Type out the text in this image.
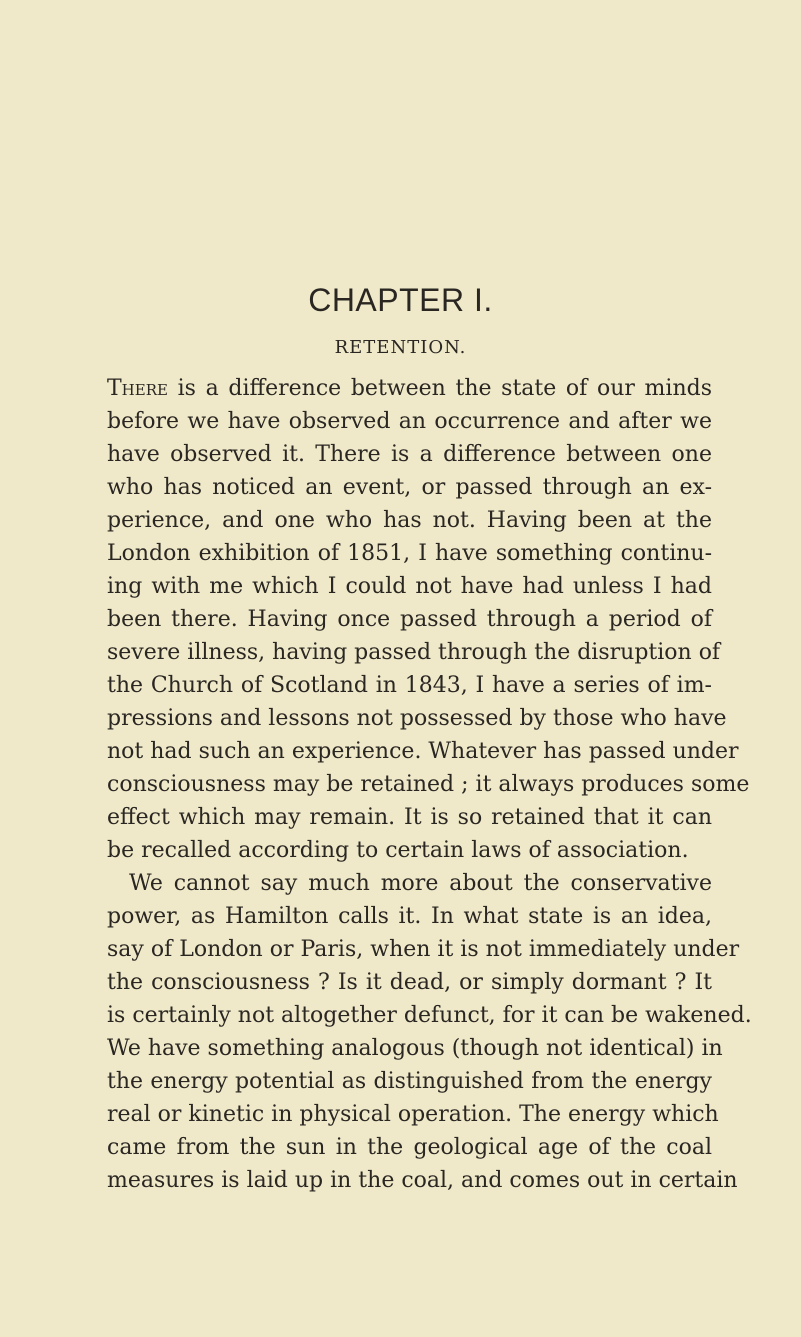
CHAPTER I.
RETENTION.
There is a difference between the state of our minds
before we have observed an occurrence and after we
have observed it. There is a difference between one
who has noticed an event, or passed through an ex-
perience, and one who has not. Having been at the
London exhibition of 1851, I have something continu-
ing with me which I could not have had unless I had
been there. Having once passed through a period of
severe illness, having passed through the disruption of
the Church of Scotland in 1843, I have a series of im-
pressions and lessons not possessed by those who have
not had such an experience. Whatever has passed under
consciousness may be retained ; it always produces some
effect which may remain. It is so retained that it can
be recalled according to certain laws of association.
We cannot say much more about the conservative
power, as Hamilton calls it. In what state is an idea,
say of London or Paris, when it is not immediately under
the consciousness ? Is it dead, or simply dormant ? It
is certainly not altogether defunct, for it can be wakened.
We have something analogous (though not identical) in
the energy potential as distinguished from the energy
real or kinetic in physical operation. The energy which
came from the sun in the geological age of the coal
measures is laid up in the coal, and comes out in certain
